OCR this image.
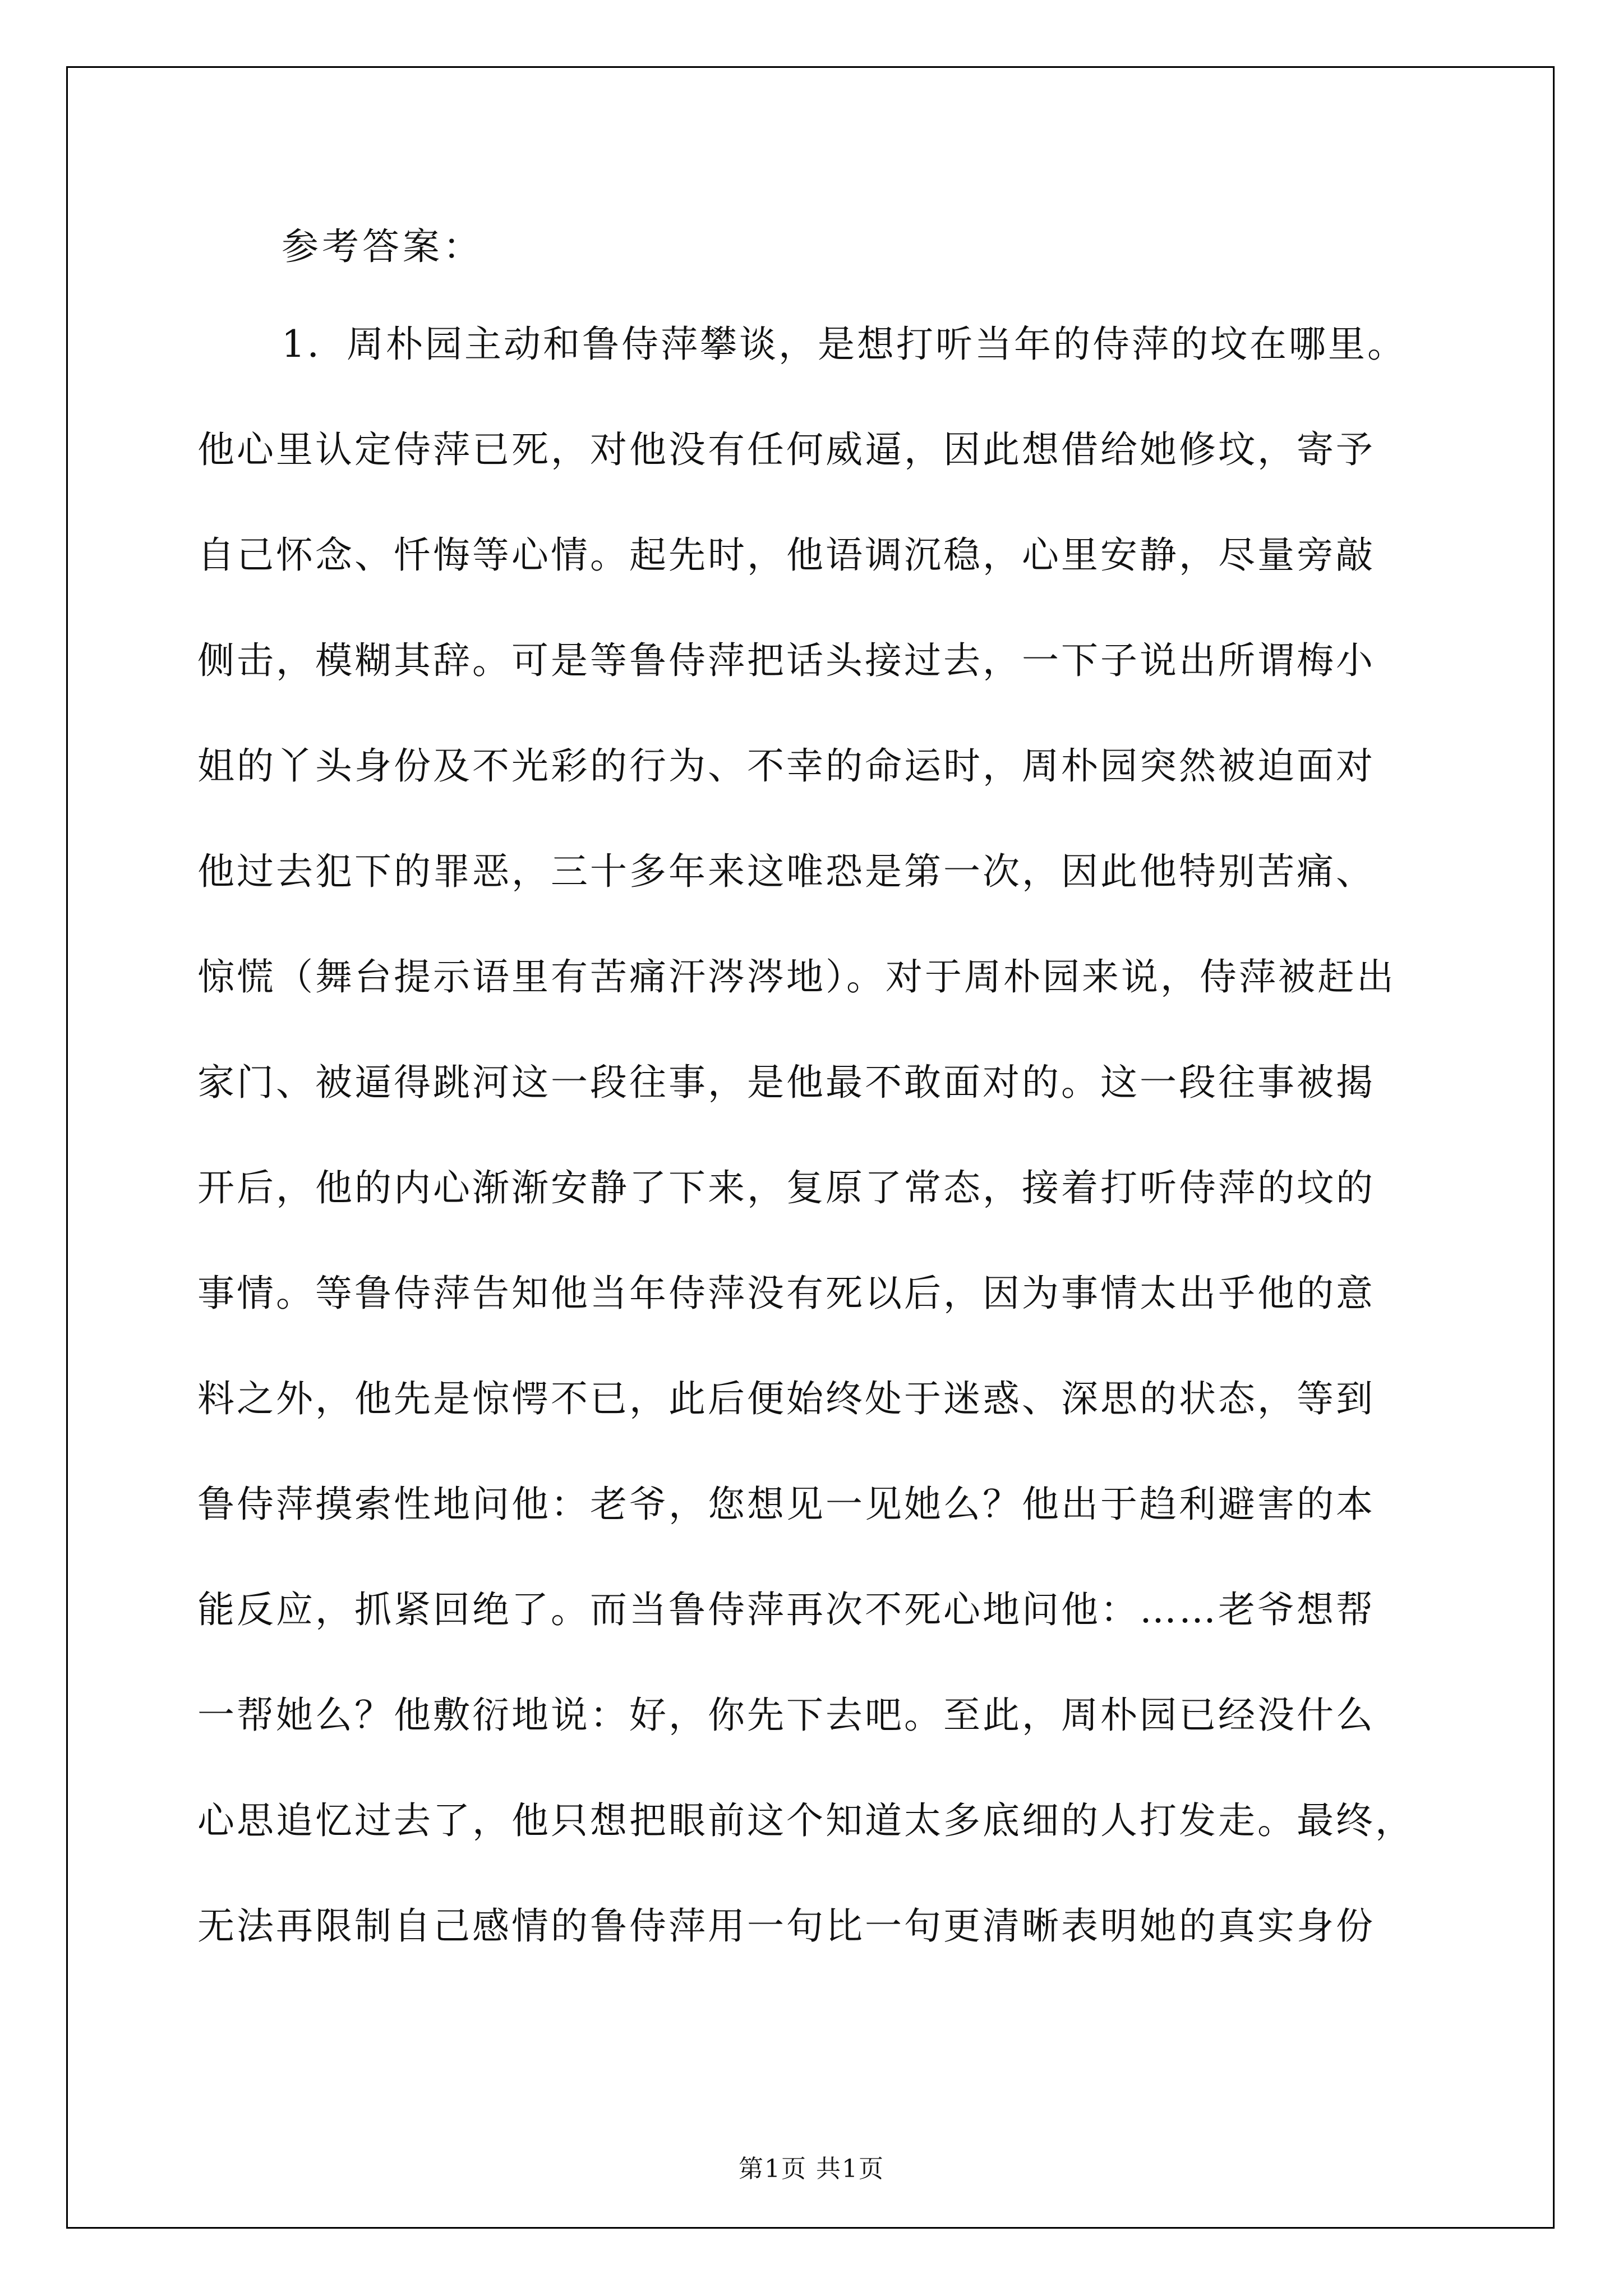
参考答案：

1．周朴园主动和鲁侍萍攀谈，是想打听当年的侍萍的坟在哪里。

他心里认定侍萍已死，对他没有任何威逼，因此想借给她修坟，寄予

自己怀念、忏悔等心情。起先时，他语调沉稳，心里安静，尽量旁敲

侧击，模糊其辞。可是等鲁侍萍把话头接过去，一下子说出所谓梅小

姐的丫头身份及不光彩的行为、不幸的命运时，周朴园突然被迫面对

他过去犯下的罪恶，三十多年来这唯恐是第一次，因此他特别苦痛、

惊慌（舞台提示语里有苦痛汗涔涔地）。对于周朴园来说，侍萍被赶出

家门、被逼得跳河这一段往事，是他最不敢面对的。这一段往事被揭

开后，他的内心渐渐安静了下来，复原了常态，接着打听侍萍的坟的

事情。等鲁侍萍告知他当年侍萍没有死以后，因为事情太出乎他的意

料之外，他先是惊愕不已，此后便始终处于迷惑、深思的状态，等到

鲁侍萍摸索性地问他：老爷，您想见一见她么？他出于趋利避害的本

能反应，抓紧回绝了。而当鲁侍萍再次不死心地问他：……老爷想帮

一帮她么？他敷衍地说：好，你先下去吧。至此，周朴园已经没什么

心思追忆过去了，他只想把眼前这个知道太多底细的人打发走。最终，

无法再限制自己感情的鲁侍萍用一句比一句更清晰表明她的真实身份

第1页 共1页
